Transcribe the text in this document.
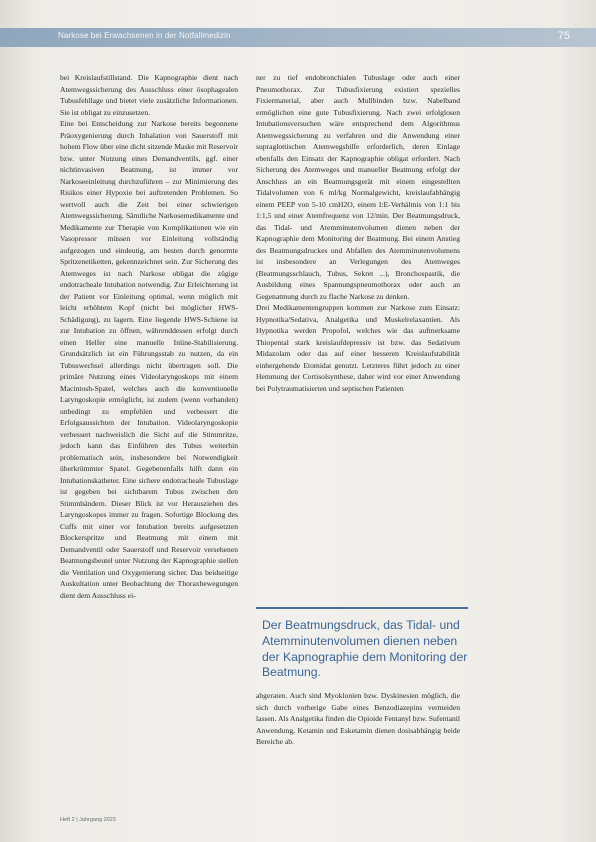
Narkose bei Erwachsenen in der Notfallmedizin	75

bei Kreislaufstillstand. Die Kapnographie dient nach Atemwegssicherung des Ausschluss einer ösophagealen Tubusfehllage und bietet viele zusätzliche Informationen. Sie ist obligat zu einzusetzen.

Eine bei Entscheidung zur Narkose bereits begonnene Präoxygenierung durch Inhalation von Sauerstoff mit hohem Flow über eine dicht sitzende Maske mit Reservoir bzw. unter Nutzung eines Demandventils, ggf. einer nichtinvasiven Beatmung, ist immer vor Narkoseeinleitung durchzuführen – zur Minimierung des Risikos einer Hypoxie bei auftretenden Problemen. So wertvoll auch die Zeit bei einer schwierigen Atemwegssicherung. Sämtliche Narkosemedikamente und Medikamente zur Therapie von Komplikationen wie ein Vasopressor müssen vor Einleitung vollständig aufgezogen und eindeutig, am besten durch genormte Spritzenetiketten, gekennzeichnet sein. Zur Sicherung des Atemweges ist nach Narkose obligat die zügige endotracheale Intubation notwendig. Zur Erleichterung ist der Patient vor Einleitung optimal, wenn möglich mit leicht erhöhtem Kopf (nicht bei möglicher HWS-Schädigung), zu lagern. Eine liegende HWS-Schiene ist zur Intubation zu öffnen, währenddessen erfolgt durch einen Helfer eine manuelle Inline-Stabilisierung. Grundsätzlich ist ein Führungsstab zu nutzen, da ein Tubuswechsel allerdings nicht übertragen soll. Die primäre Nutzung eines Videolaryngoskops mit einem Macintosh-Spatel, welches auch die konventionelle Laryngoskopie ermöglicht, ist zudem (wenn vorhanden) unbedingt zu empfehlen und verbessert die Erfolgsaussichten der Intubation. Videolaryngoskopie verbessert nachweislich die Sicht auf die Stimmritze, jedoch kann das Einführen des Tubus weiterhin problematisch sein, insbesondere bei Notwendigkeit überkrümmter Spatel. Gegebenenfalls hilft dann ein Intubationskatheter. Eine sichere endotracheale Tubuslage ist gegeben bei sichtbarem Tubus zwischen den Stimmbändern. Dieser Blick ist vor Herausziehen des Laryngoskopes immer zu fragen. Sofortige Blockung des Cuffs mit einer vor Intubation bereits aufgesetzten Blockerspritze und Beatmung mit einem mit Demandventil oder Sauerstoff und Reservoir versehenen Beatmungsbeutel unter Nutzung der Kapnographie stellen die Ventilation und Oxygenierung sicher. Das beidseitige Auskultation unter Beobachtung der Thoraxbewegungen dient dem Ausschluss ei-

ner zu tief endobronchialen Tubuslage oder auch einer Pneumothorax. Zur Tubusfixierung existiert spezielles Fixiermaterial, aber auch Mullbinden bzw. Nabelband ermöglichen eine gute Tubusfixierung. Nach zwei erfolglosen Intubationsversuchen wäre entsprechend dem Algorithmus Atemwegssicherung zu verfahren und die Anwendung einer supraglottischen Atemwegshilfe erforderlich, deren Einlage ebenfalls den Einsatz der Kapnographie obligat erfordert. Nach Sicherung des Atemweges und manueller Beatmung erfolgt der Anschluss an ein Beatmungsgerät mit einem eingestellten Tidalvolumen von 6 ml/kg Normalgewicht, kreislaufabhängig einem PEEP von 5-10 cmH2O, einem I:E-Verhältnis von 1:1 bis 1:1,5 und einer Atemfrequenz von 12/min. Der Beatmungsdruck, das Tidal- und Atemminutenvolumen dienen neben der Kapnographie dem Monitoring der Beatmung. Bei einem Anstieg des Beatmungsdruckes und Abfallen des Atemminutenvolumens ist insbesondere an Verlegungen des Atemweges (Beatmungsschlauch, Tubus, Sekret ...), Bronchospastik, die Ausbildung eines Spannungspneumothorax oder auch an Gegenatmung durch zu flache Narkose zu denken.

Drei Medikamentengruppen kommen zur Narkose zum Einsatz: Hypnotika/Sedativa, Analgetika und Muskelrelaxantien. Als Hypnotika werden Propofol, welches wie das aufmerksame Thiopental stark kreislaufdepressiv ist bzw. das Sedativum Midazolam oder das auf einer besseren Kreislaufstabilität einhergehende Etomidat genutzt. Letzteres führt jedoch zu einer Hemmung der Cortisolsynthese, daher wird vor einer Anwendung bei Polytraumatisierten und septischen Patienten

Der Beatmungsdruck, das Tidal- und Atemminutenvolumen dienen neben der Kapnographie dem Monitoring der Beatmung.

abgeraten. Auch sind Myoklonien bzw. Dyskinesien möglich, die sich durch vorherige Gabe eines Benzodiazepins vermeiden lassen. Als Analgetika finden die Opioide Fentanyl bzw. Sufentanil Anwendung, Ketamin und Esketamin dienen dosisabhängig beide Bereiche ab.

Heft 2 | Jahrgang 2023
